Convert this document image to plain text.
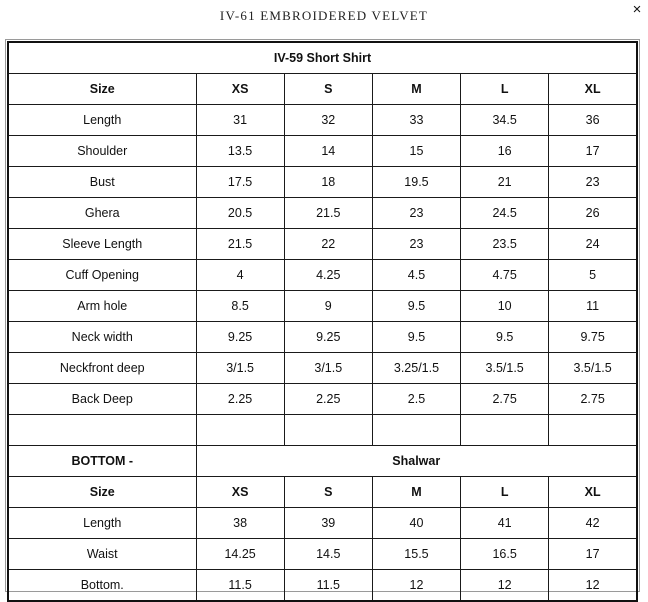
IV-61 EMBROIDERED VELVET	×
IV-59 Short Shirt					
Size	XS	S	M	L	XL
Length	31	32	33	34.5	36
Shoulder	13.5	14	15	16	17
Bust	17.5	18	19.5	21	23
Ghera	20.5	21.5	23	24.5	26
Sleeve Length	21.5	22	23	23.5	24
Cuff Opening	4	4.25	4.5	4.75	5
Arm hole	8.5	9	9.5	10	11
Neck width	9.25	9.25	9.5	9.5	9.75
Neckfront deep	3/1.5	3/1.5	3.25/1.5	3.5/1.5	3.5/1.5
Back Deep	2.25	2.25	2.5	2.75	2.75

BOTTOM -	Shalwar				
Size	XS	S	M	L	XL
Length	38	39	40	41	42
Waist	14.25	14.5	15.5	16.5	17
Bottom.	11.5	11.5	12	12	12
